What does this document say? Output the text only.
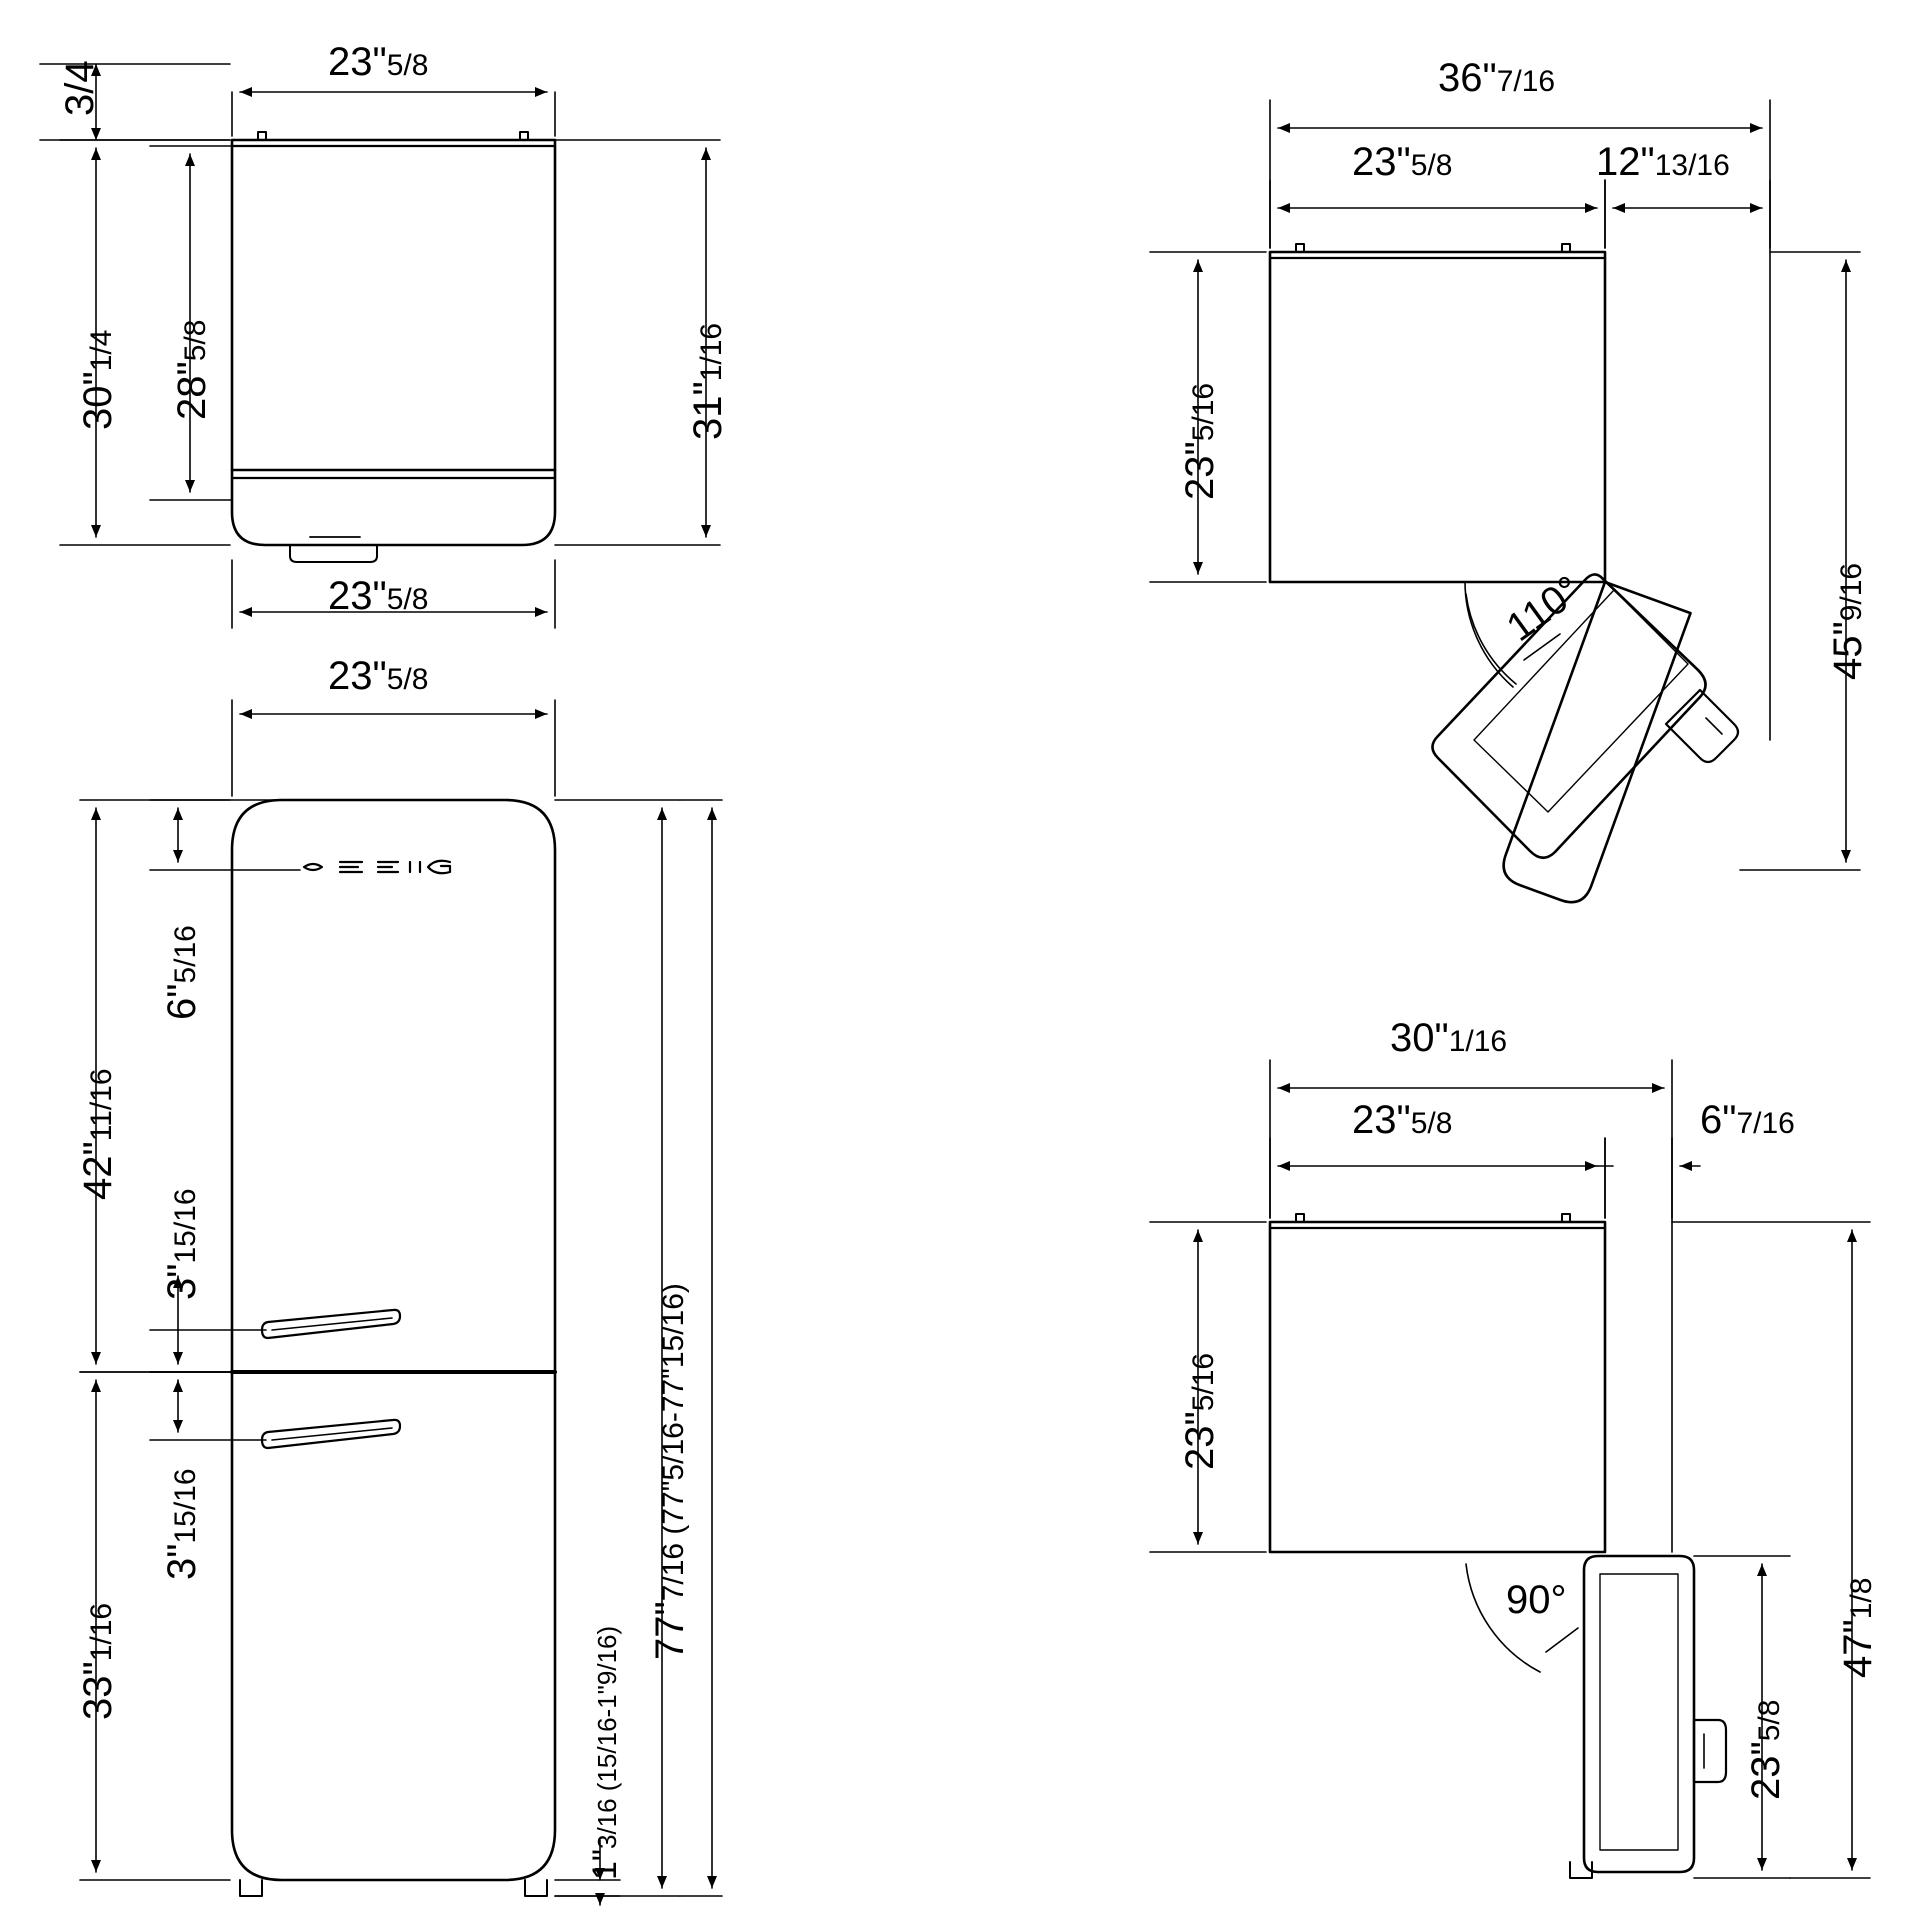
23"5/8
23"5/8
3/4
30"1/4
28"5/8
31"1/16
23"5/8
42"11/16
6"5/16
3"15/16
3"15/16
33"1/16
1"3/16 (15/16-1"9/16) 77"7/16 (77"5/16-77"15/16)
36"7/16
23"5/8	12"13/16
23"5/16
45"9/16
110°
30"1/16
23"5/8	6"7/16
23"5/16
47"1/8
23"5/8
90°
